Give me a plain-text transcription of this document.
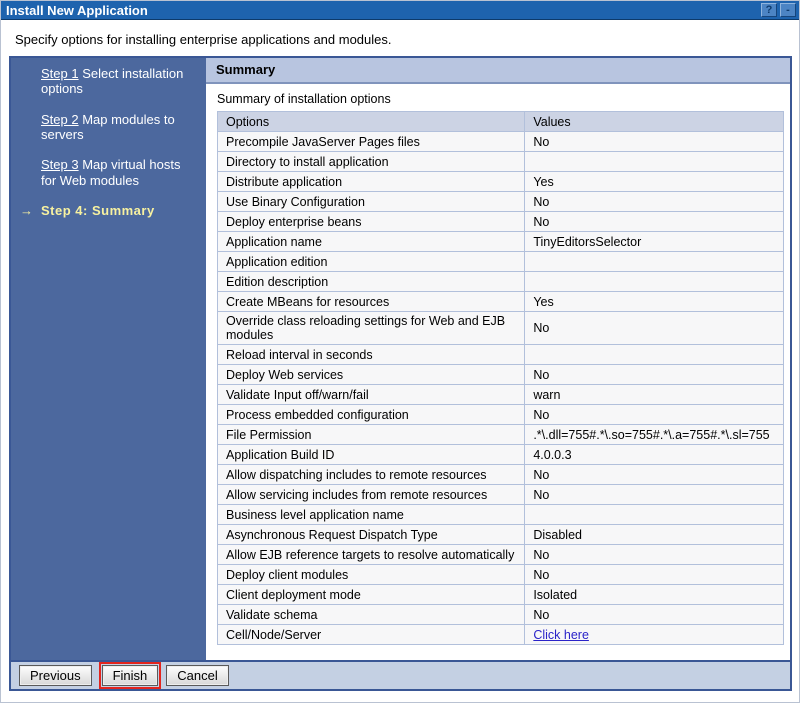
Install New Application	?	-
Specify options for installing enterprise applications and modules.
Step 1 Select installation options
Step 2 Map modules to servers
Step 3 Map virtual hosts for Web modules
→ Step 4: Summary
Summary
Summary of installation options
Options	Values
Precompile JavaServer Pages files	No
Directory to install application	
Distribute application	Yes
Use Binary Configuration	No
Deploy enterprise beans	No
Application name	TinyEditorsSelector
Application edition	
Edition description	
Create MBeans for resources	Yes
Override class reloading settings for Web and EJB modules	No
Reload interval in seconds	
Deploy Web services	No
Validate Input off/warn/fail	warn
Process embedded configuration	No
File Permission	.*\.dll=755#.*\.so=755#.*\.a=755#.*\.sl=755
Application Build ID	4.0.0.3
Allow dispatching includes to remote resources	No
Allow servicing includes from remote resources	No
Business level application name	
Asynchronous Request Dispatch Type	Disabled
Allow EJB reference targets to resolve automatically	No
Deploy client modules	No
Client deployment mode	Isolated
Validate schema	No
Cell/Node/Server	Click here
Previous	Finish	Cancel
